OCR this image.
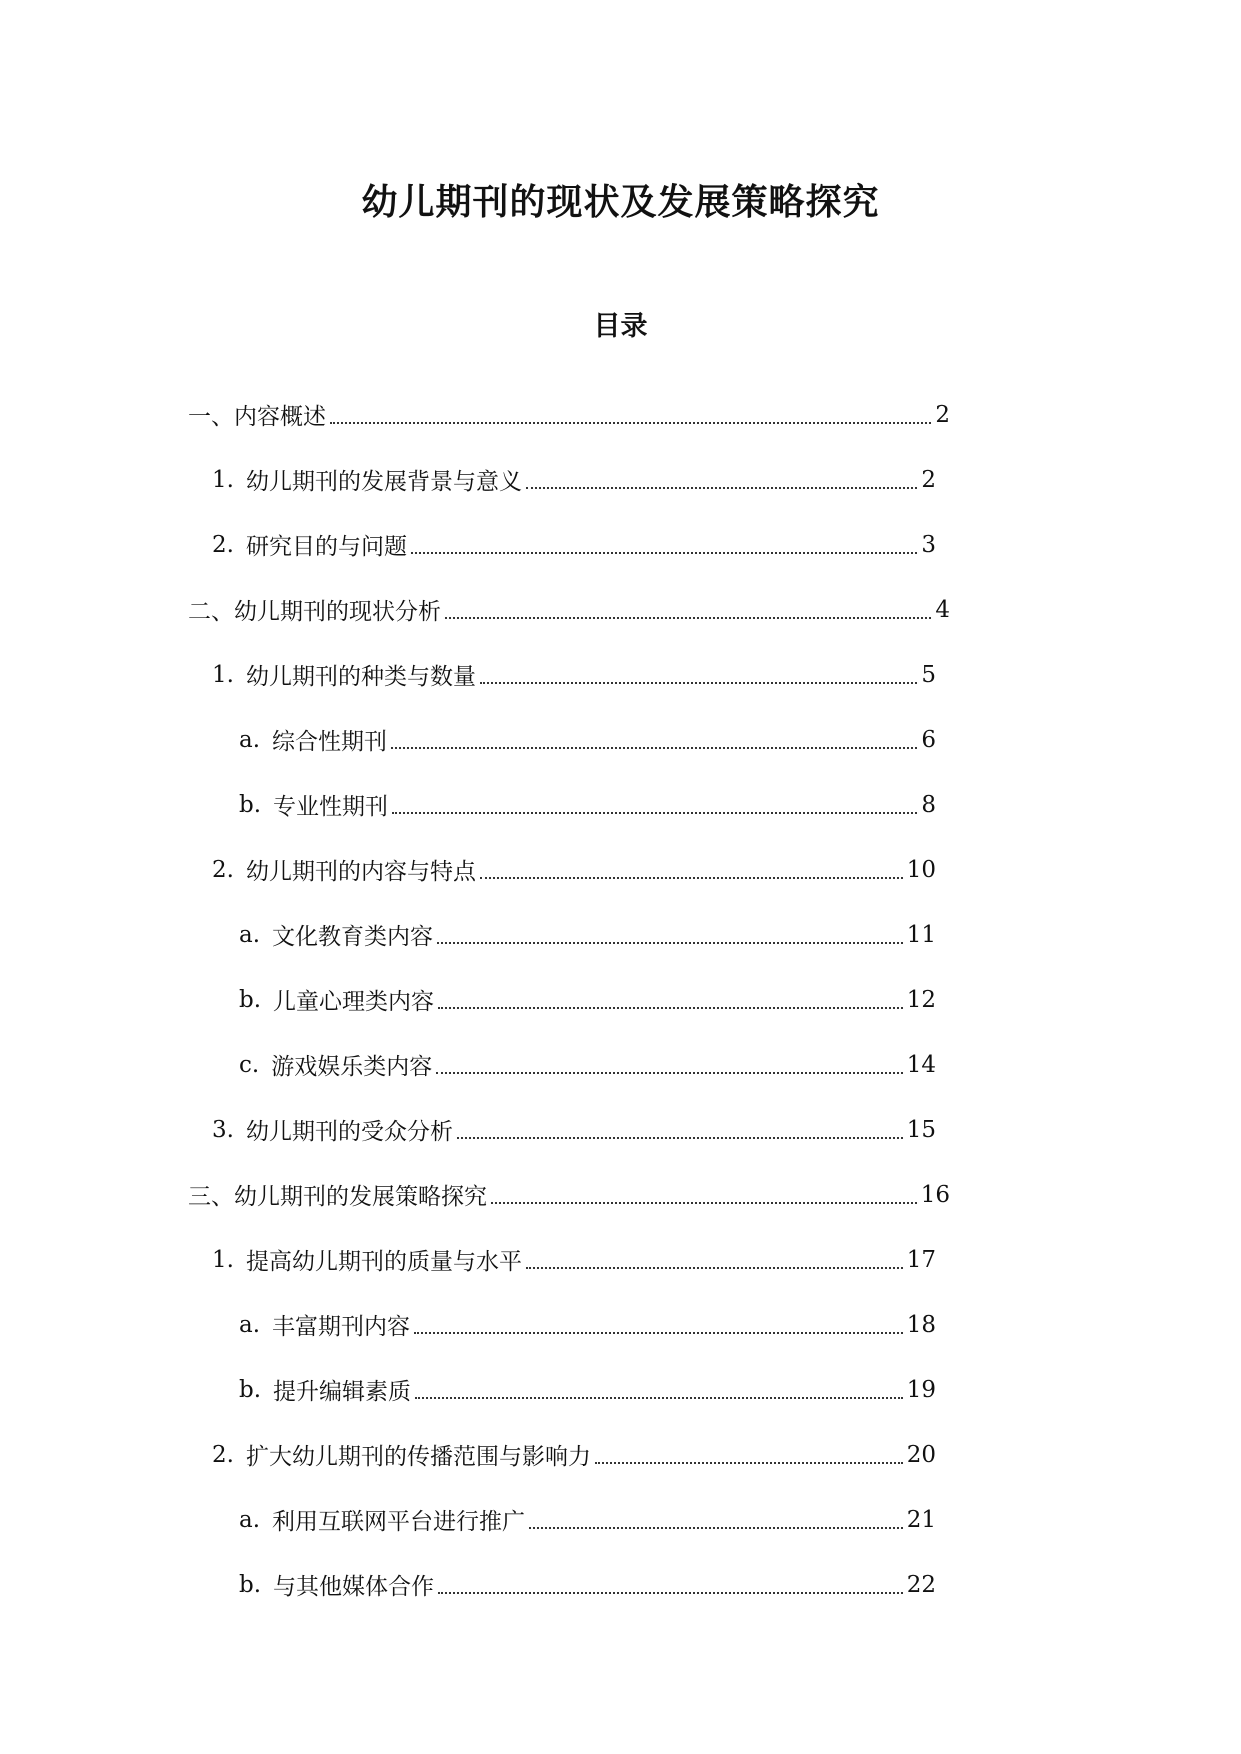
幼儿期刊的现状及发展策略探究
目录
一、 内容概述	2
1. 幼儿期刊的发展背景与意义	2
2. 研究目的与问题	3
二、 幼儿期刊的现状分析	4
1. 幼儿期刊的种类与数量	5
a. 综合性期刊	6
b. 专业性期刊	8
2. 幼儿期刊的内容与特点	10
a. 文化教育类内容	11
b. 儿童心理类内容	12
c. 游戏娱乐类内容	14
3. 幼儿期刊的受众分析	15
三、 幼儿期刊的发展策略探究	16
1. 提高幼儿期刊的质量与水平	17
a. 丰富期刊内容	18
b. 提升编辑素质	19
2. 扩大幼儿期刊的传播范围与影响力	20
a. 利用互联网平台进行推广	21
b. 与其他媒体合作	22
